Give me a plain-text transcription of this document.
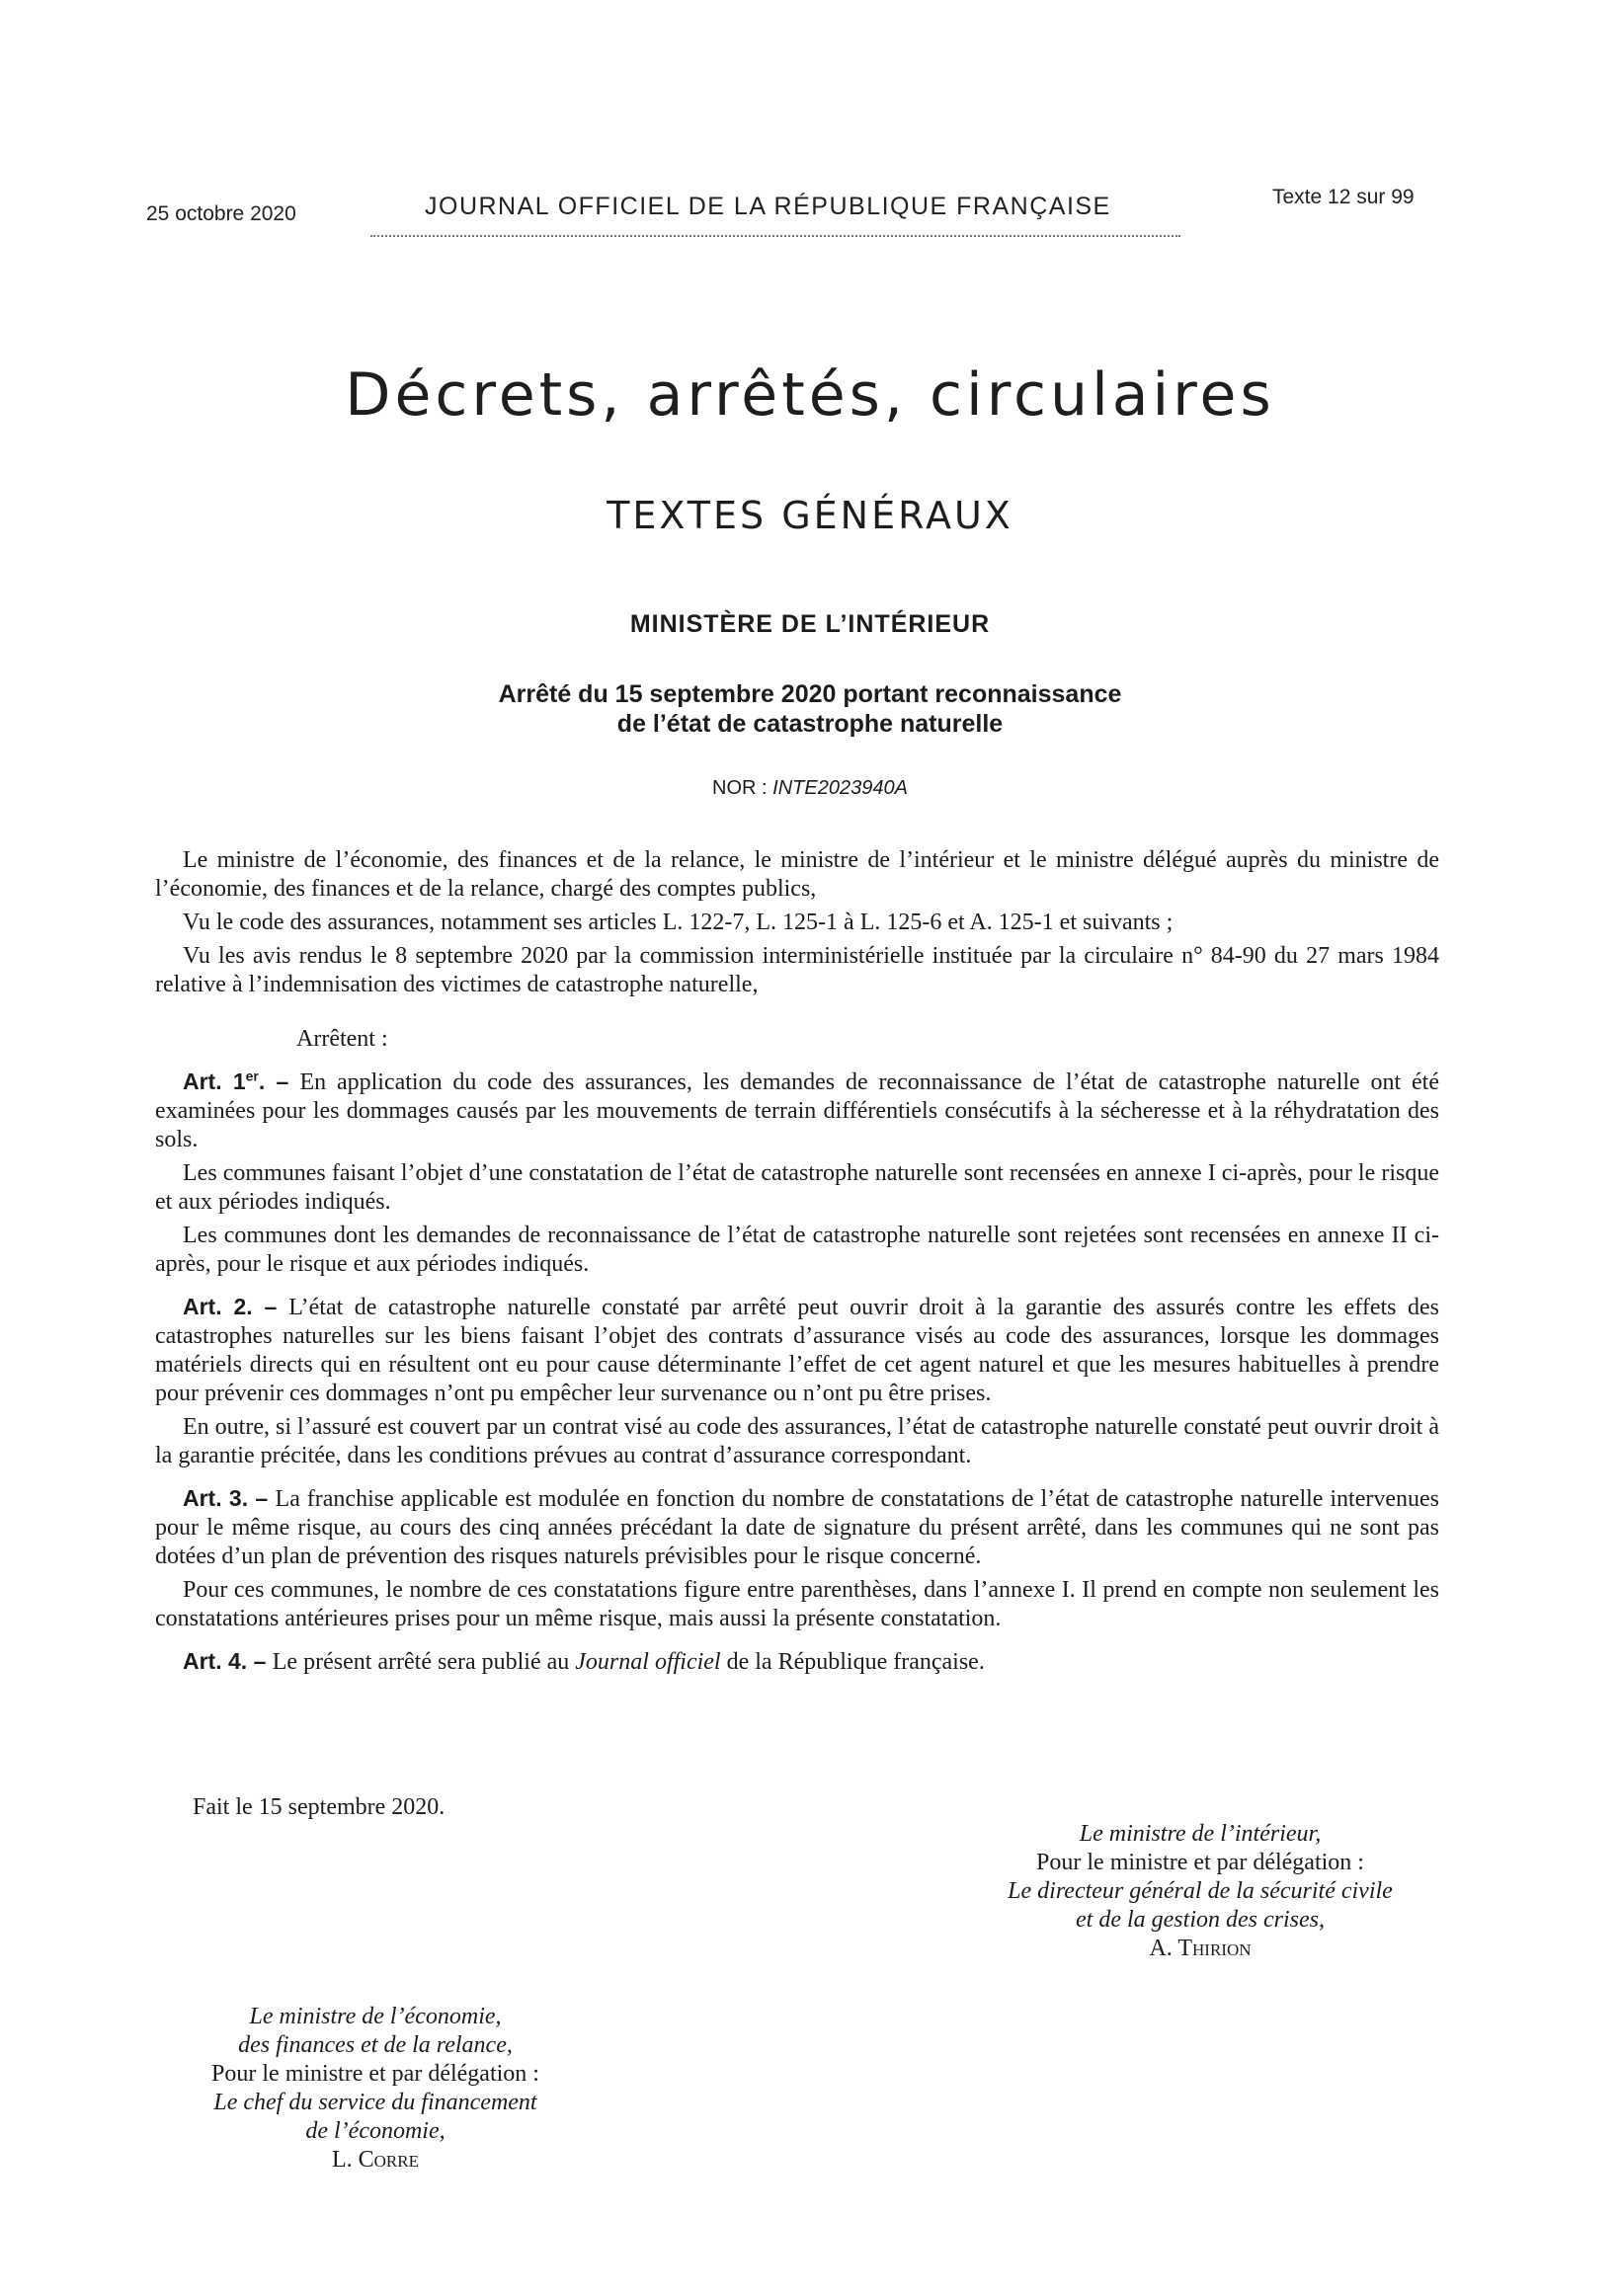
25 octobre 2020	JOURNAL OFFICIEL DE LA RÉPUBLIQUE FRANÇAISE	Texte 12 sur 99
Décrets, arrêtés, circulaires
TEXTES GÉNÉRAUX
MINISTÈRE DE L’INTÉRIEUR
Arrêté du 15 septembre 2020 portant reconnaissance
de l’état de catastrophe naturelle
NOR : INTE2023940A

Le ministre de l’économie, des finances et de la relance, le ministre de l’intérieur et le ministre délégué auprès du ministre de l’économie, des finances et de la relance, chargé des comptes publics,

Vu le code des assurances, notamment ses articles L. 122-7, L. 125-1 à L. 125-6 et A. 125-1 et suivants ;

Vu les avis rendus le 8 septembre 2020 par la commission interministérielle instituée par la circulaire n° 84-90 du 27 mars 1984 relative à l’indemnisation des victimes de catastrophe naturelle,

Arrêtent :

Art. 1er. – En application du code des assurances, les demandes de reconnaissance de l’état de catastrophe naturelle ont été examinées pour les dommages causés par les mouvements de terrain différentiels consécutifs à la sécheresse et à la réhydratation des sols.

Les communes faisant l’objet d’une constatation de l’état de catastrophe naturelle sont recensées en annexe I ci-après, pour le risque et aux périodes indiqués.

Les communes dont les demandes de reconnaissance de l’état de catastrophe naturelle sont rejetées sont recensées en annexe II ci-après, pour le risque et aux périodes indiqués.

Art. 2. – L’état de catastrophe naturelle constaté par arrêté peut ouvrir droit à la garantie des assurés contre les effets des catastrophes naturelles sur les biens faisant l’objet des contrats d’assurance visés au code des assurances, lorsque les dommages matériels directs qui en résultent ont eu pour cause déterminante l’effet de cet agent naturel et que les mesures habituelles à prendre pour prévenir ces dommages n’ont pu empêcher leur survenance ou n’ont pu être prises.

En outre, si l’assuré est couvert par un contrat visé au code des assurances, l’état de catastrophe naturelle constaté peut ouvrir droit à la garantie précitée, dans les conditions prévues au contrat d’assurance correspondant.

Art. 3. – La franchise applicable est modulée en fonction du nombre de constatations de l’état de catastrophe naturelle intervenues pour le même risque, au cours des cinq années précédant la date de signature du présent arrêté, dans les communes qui ne sont pas dotées d’un plan de prévention des risques naturels prévisibles pour le risque concerné.

Pour ces communes, le nombre de ces constatations figure entre parenthèses, dans l’annexe I. Il prend en compte non seulement les constatations antérieures prises pour un même risque, mais aussi la présente constatation.

Art. 4. – Le présent arrêté sera publié au Journal officiel de la République française.

Fait le 15 septembre 2020.
Le ministre de l’intérieur,
Pour le ministre et par délégation :
Le directeur général de la sécurité civile
et de la gestion des crises,
A. Thirion
Le ministre de l’économie,
des finances et de la relance,
Pour le ministre et par délégation :
Le chef du service du financement
de l’économie,
L. Corre
